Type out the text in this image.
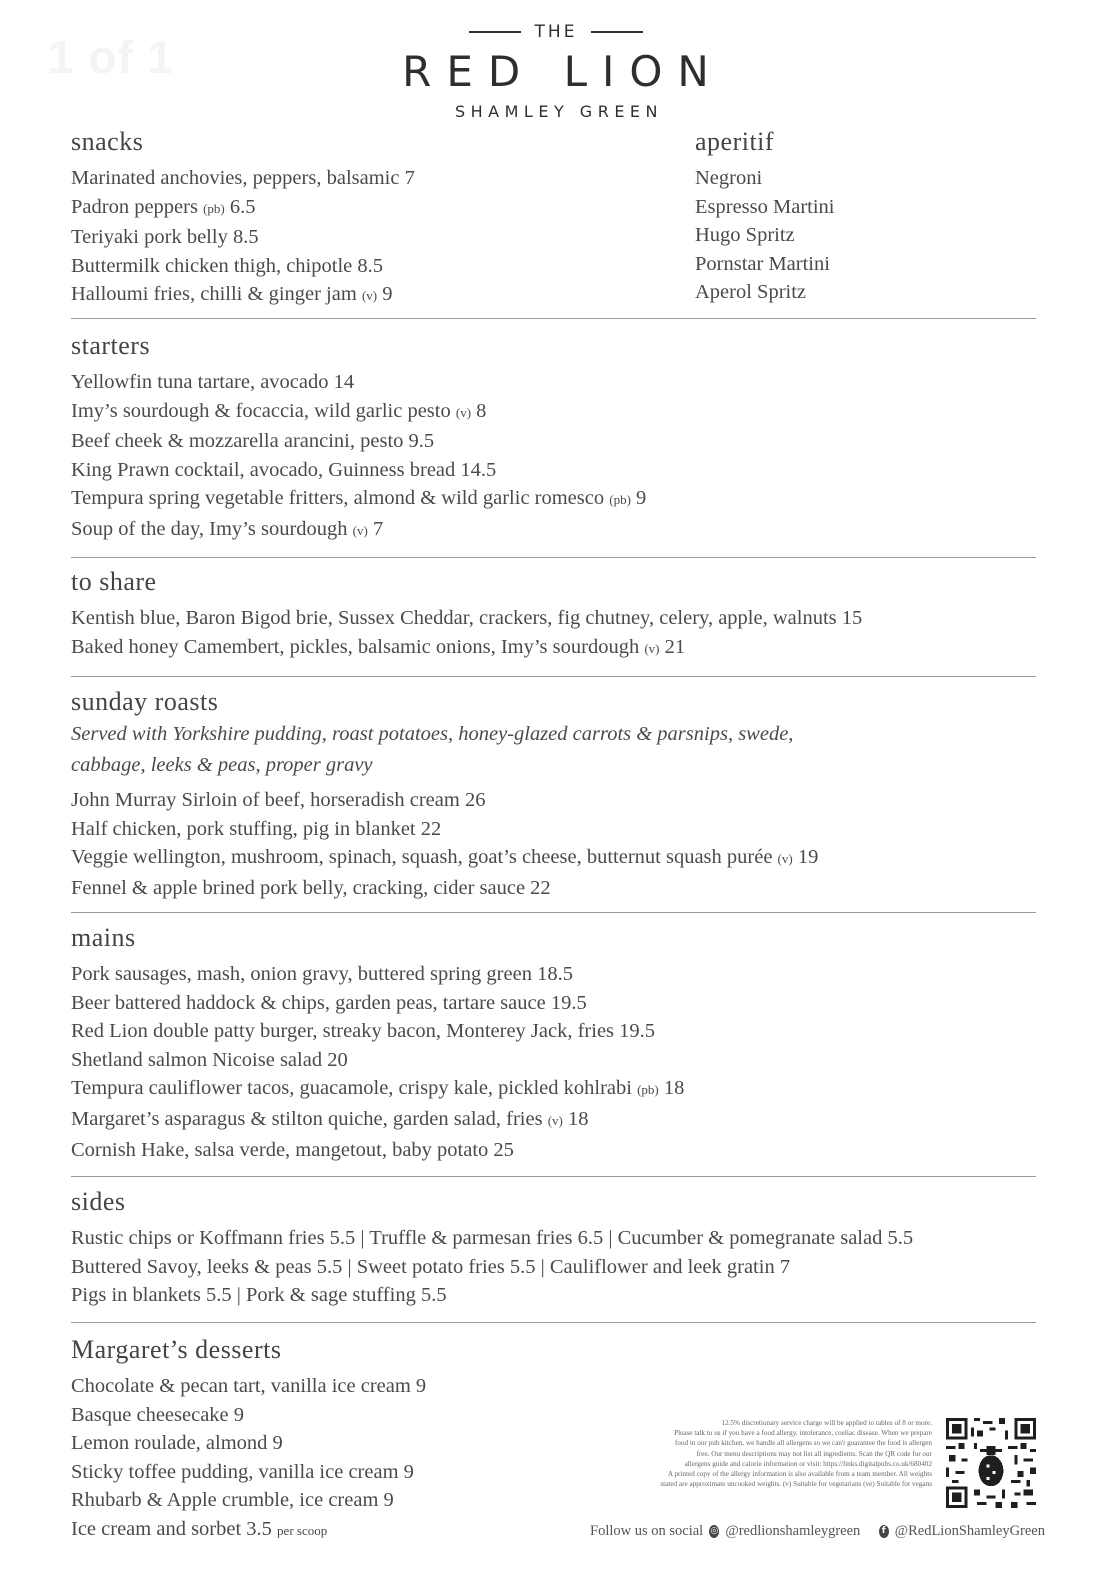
1 of 1	THE
RED LION
SHAMLEY GREEN
snacks
Marinated anchovies, peppers, balsamic 7
Padron peppers (pb) 6.5
Teriyaki pork belly 8.5
Buttermilk chicken thigh, chipotle 8.5
Halloumi fries, chilli & ginger jam (v) 9
aperitif
Negroni
Espresso Martini
Hugo Spritz
Pornstar Martini
Aperol Spritz
starters
Yellowfin tuna tartare, avocado 14
Imy’s sourdough & focaccia, wild garlic pesto (v) 8
Beef cheek & mozzarella arancini, pesto 9.5
King Prawn cocktail, avocado, Guinness bread 14.5
Tempura spring vegetable fritters, almond & wild garlic romesco (pb) 9
Soup of the day, Imy’s sourdough (v) 7
to share
Kentish blue, Baron Bigod brie, Sussex Cheddar, crackers, fig chutney, celery, apple, walnuts 15
Baked honey Camembert, pickles, balsamic onions, Imy’s sourdough (v) 21
sunday roasts
Served with Yorkshire pudding, roast potatoes, honey-glazed carrots & parsnips, swede,
cabbage, leeks & peas, proper gravy
John Murray Sirloin of beef, horseradish cream 26
Half chicken, pork stuffing, pig in blanket 22
Veggie wellington, mushroom, spinach, squash, goat’s cheese, butternut squash purée (v) 19
Fennel & apple brined pork belly, cracking, cider sauce 22
mains
Pork sausages, mash, onion gravy, buttered spring green 18.5
Beer battered haddock & chips, garden peas, tartare sauce 19.5
Red Lion double patty burger, streaky bacon, Monterey Jack, fries 19.5
Shetland salmon Nicoise salad 20
Tempura cauliflower tacos, guacamole, crispy kale, pickled kohlrabi (pb) 18
Margaret’s asparagus & stilton quiche, garden salad, fries (v) 18
Cornish Hake, salsa verde, mangetout, baby potato 25
sides
Rustic chips or Koffmann fries 5.5 | Truffle & parmesan fries 6.5 | Cucumber & pomegranate salad 5.5
Buttered Savoy, leeks & peas 5.5 | Sweet potato fries 5.5 | Cauliflower and leek gratin 7
Pigs in blankets 5.5 | Pork & sage stuffing 5.5
Margaret’s desserts
Chocolate & pecan tart, vanilla ice cream 9
Basque cheesecake 9
Lemon roulade, almond 9
Sticky toffee pudding, vanilla ice cream 9
Rhubarb & Apple crumble, ice cream 9
Ice cream and sorbet 3.5 per scoop
12.5% discretionary service charge will be applied to tables of 8 or more.
Please talk to us if you have a food allergy, intolerance, coeliac disease. When we prepare
food in our pub kitchen, we handle all allergens so we can't guarantee the food is allergen
free. Our menu descriptions may not list all ingredients. Scan the QR code for our
allergens guide and calorie information or visit: https://links.digitalpubs.co.uk/680402
A printed copy of the allergy information is also available from a team member. All weights
stated are approximate uncooked weights. (v) Suitable for vegetarians (ve) Suitable for vegans
Follow us on social ◎ @redlionshamleygreen	f @RedLionShamleyGreen
